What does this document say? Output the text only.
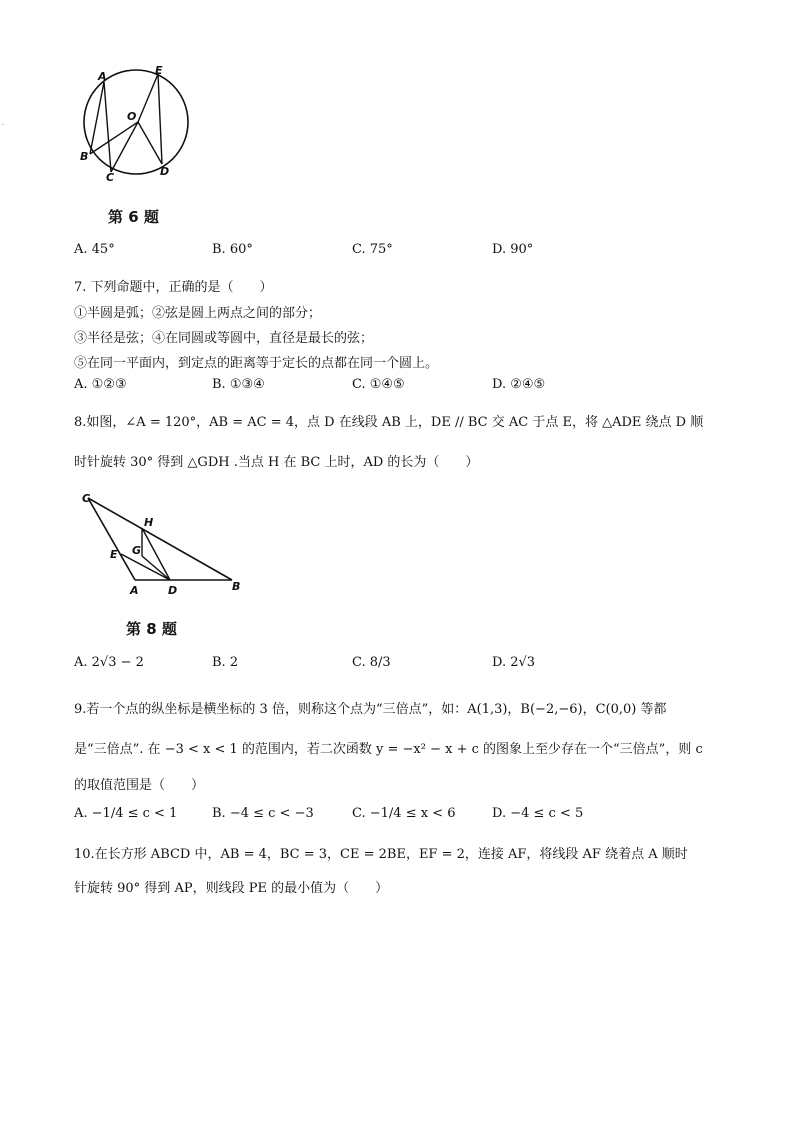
A	E
O
B
C	D
·
第 6 题
A. 45°	B. 60°	C. 75°	D. 90°
7. 下列命题中，正确的是（　　）
①半圆是弧；②弦是圆上两点之间的部分；
③半径是弦；④在同圆或等圆中，直径是最长的弦；
⑤在同一平面内，到定点的距离等于定长的点都在同一个圆上。
A. ①②③	B. ①③④	C. ①④⑤	D. ②④⑤
8.如图，∠A = 120°，AB = AC = 4，点 D 在线段 AB 上，DE // BC 交 AC 于点 E，将 △ADE 绕点 D 顺
时针旋转 30° 得到 △GDH .当点 H 在 BC 上时，AD 的长为（　　）
C
H
E G
A	D	B
第 8 题
A. 2√3 − 2	B. 2	C. 8/3	D. 2√3
9.若一个点的纵坐标是横坐标的 3 倍，则称这个点为“三倍点”，如：A(1,3)，B(−2,−6)，C(0,0) 等都
是“三倍点”. 在 −3 < x < 1 的范围内，若二次函数 y = −x² − x + c 的图象上至少存在一个“三倍点”，则 c
的取值范围是（　　）
A. −1/4 ≤ c < 1	B. −4 ≤ c < −3	C. −1/4 ≤ x < 6	D. −4 ≤ c < 5
10.在长方形 ABCD 中，AB = 4，BC = 3，CE = 2BE，EF = 2，连接 AF，将线段 AF 绕着点 A 顺时
针旋转 90° 得到 AP，则线段 PE 的最小值为（　　）
